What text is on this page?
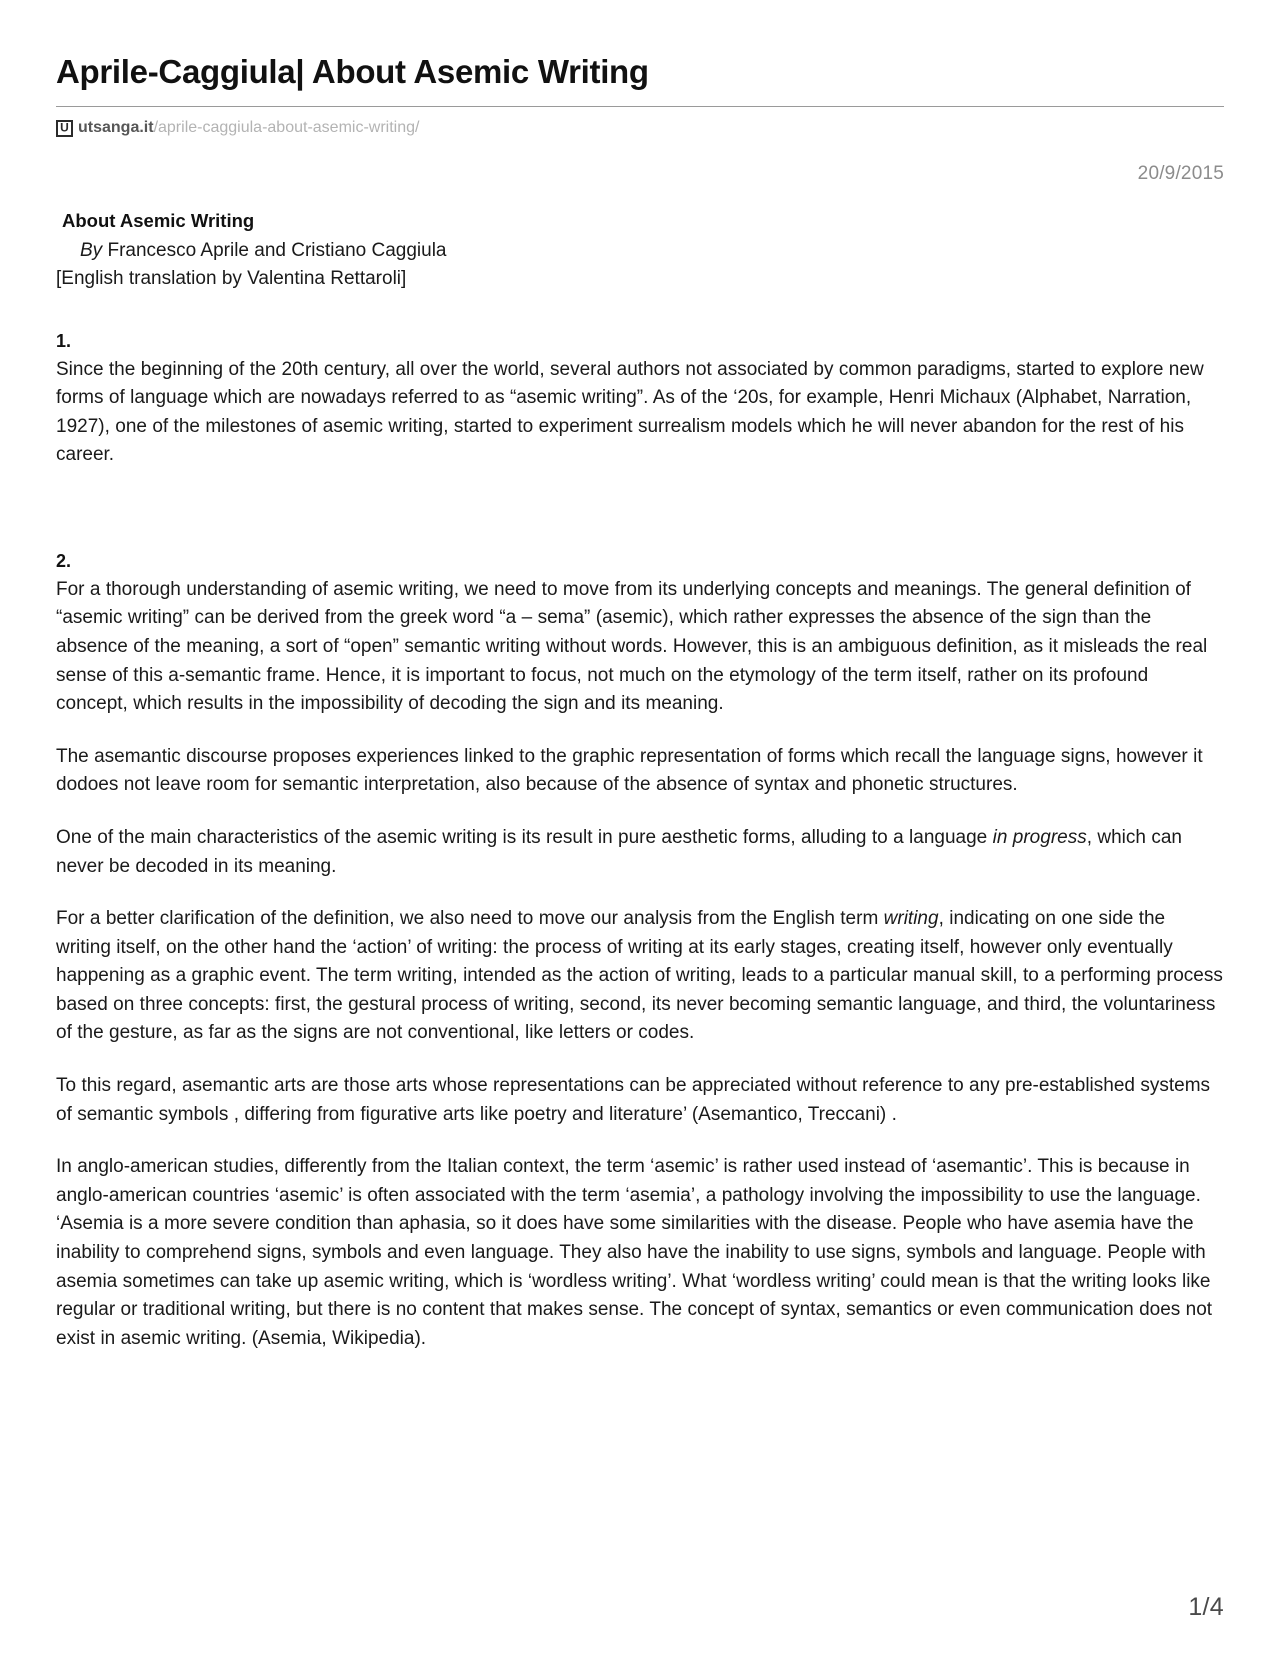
Aprile-Caggiula| About Asemic Writing
U utsanga.it /aprile-caggiula-about-asemic-writing/
20/9/2015
About Asemic Writing
By Francesco Aprile and Cristiano Caggiula
[English translation by Valentina Rettaroli]

1.

Since the beginning of the 20th century, all over the world, several authors not associated by common paradigms, started to explore new forms of language which are nowadays referred to as “asemic writing”. As of the ‘20s, for example, Henri Michaux (Alphabet, Narration, 1927), one of the milestones of asemic writing, started to experiment surrealism models which he will never abandon for the rest of his career.

2.

For a thorough understanding of asemic writing, we need to move from its underlying concepts and meanings. The general definition of “asemic writing” can be derived from the greek word “a – sema” (asemic), which rather expresses the absence of the sign than the absence of the meaning, a sort of “open” semantic writing without words. However, this is an ambiguous definition, as it misleads the real sense of this a-semantic frame. Hence, it is important to focus, not much on the etymology of the term itself, rather on its profound concept, which results in the impossibility of decoding the sign and its meaning.

The asemantic discourse proposes experiences linked to the graphic representation of forms which recall the language signs, however it dodoes not leave room for semantic interpretation, also because of the absence of syntax and phonetic structures.

One of the main characteristics of the asemic writing is its result in pure aesthetic forms, alluding to a language in progress, which can never be decoded in its meaning.

For a better clarification of the definition, we also need to move our analysis from the English term writing, indicating on one side the writing itself, on the other hand the ‘action’ of writing: the process of writing at its early stages, creating itself, however only eventually happening as a graphic event. The term writing, intended as the action of writing, leads to a particular manual skill, to a performing process based on three concepts: first, the gestural process of writing, second, its never becoming semantic language, and third, the voluntariness of the gesture, as far as the signs are not conventional, like letters or codes.

To this regard, asemantic arts are those arts whose representations can be appreciated without reference to any pre-established systems of semantic symbols , differing from figurative arts like poetry and literature’ (Asemantico, Treccani) .

In anglo-american studies, differently from the Italian context, the term ‘asemic’ is rather used instead of ‘asemantic’. This is because in anglo-american countries ‘asemic’ is often associated with the term ‘asemia’, a pathology involving the impossibility to use the language. ‘Asemia is a more severe condition than aphasia, so it does have some similarities with the disease. People who have asemia have the inability to comprehend signs, symbols and even language. They also have the inability to use signs, symbols and language. People with asemia sometimes can take up asemic writing, which is ‘wordless writing’. What ‘wordless writing’ could mean is that the writing looks like regular or traditional writing, but there is no content that makes sense. The concept of syntax, semantics or even communication does not exist in asemic writing. (Asemia, Wikipedia).

1/4
